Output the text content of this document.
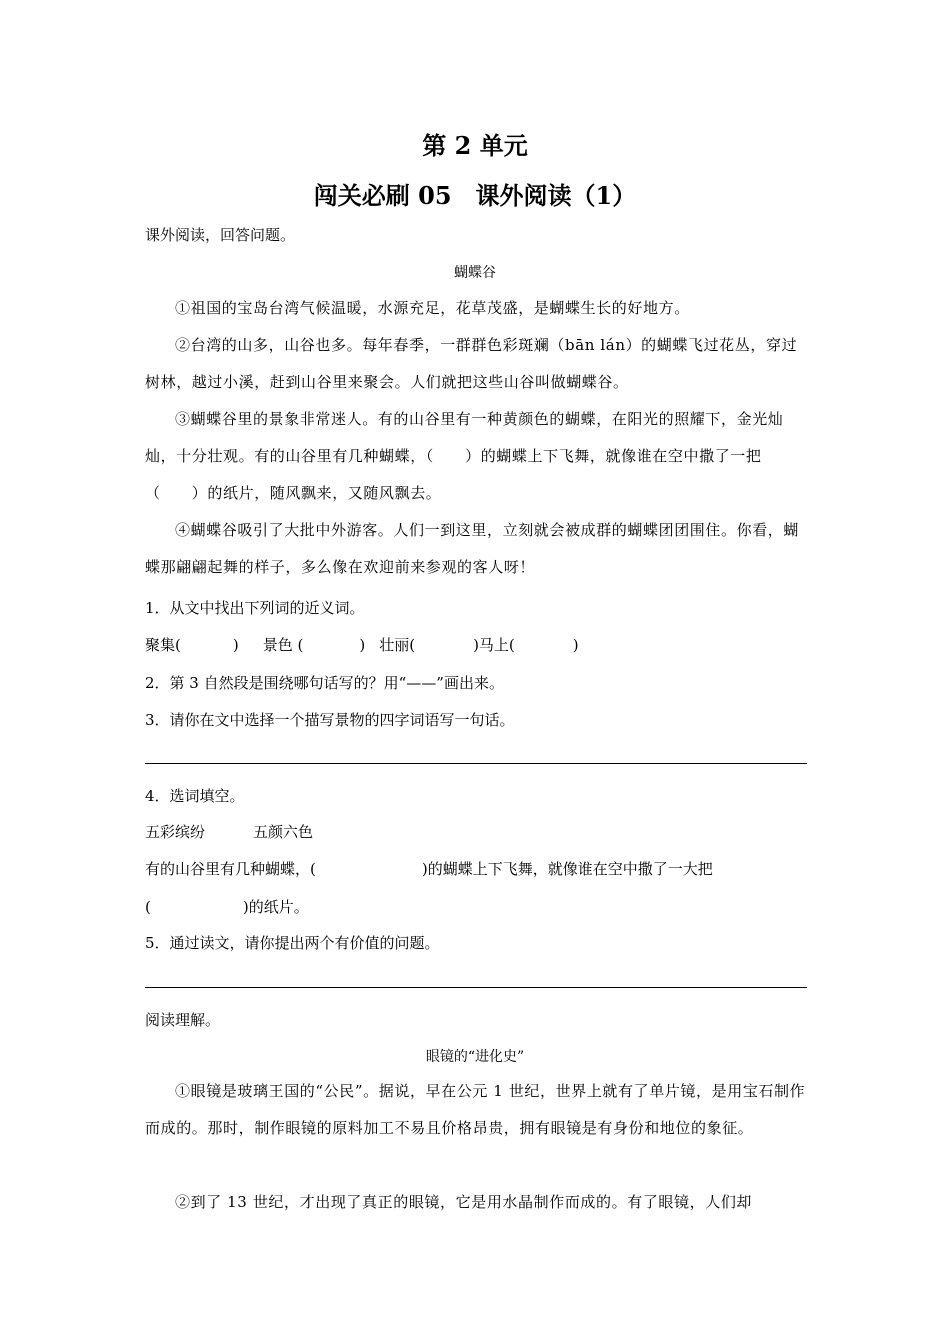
第 2 单元
闯关必刷 05　课外阅读（1）
课外阅读，回答问题。
蝴蝶谷
①祖国的宝岛台湾气候温暖，水源充足，花草茂盛，是蝴蝶生长的好地方。
②台湾的山多，山谷也多。每年春季，一群群色彩斑斓（bān lán）的蝴蝶飞过花丛，穿过树林，越过小溪，赶到山谷里来聚会。人们就把这些山谷叫做蝴蝶谷。
③蝴蝶谷里的景象非常迷人。有的山谷里有一种黄颜色的蝴蝶，在阳光的照耀下，金光灿灿，十分壮观。有的山谷里有几种蝴蝶，（　　）的蝴蝶上下飞舞，就像谁在空中撒了一把（　　）的纸片，随风飘来，又随风飘去。
④蝴蝶谷吸引了大批中外游客。人们一到这里，立刻就会被成群的蝴蝶团团围住。你看，蝴蝶那翩翩起舞的样子，多么像在欢迎前来参观的客人呀！
1．从文中找出下列词的近义词。
聚集(	) 景色 (	) 壮丽(	)马上(	)
2．第 3 自然段是围绕哪句话写的？用“——”画出来。
3．请你在文中选择一个描写景物的四字词语写一句话。
4．选词填空。
五彩缤纷	五颜六色
有的山谷里有几种蝴蝶，(	)的蝴蝶上下飞舞，就像谁在空中撒了一大把
(	)的纸片。
5．通过读文，请你提出两个有价值的问题。
阅读理解。
眼镜的“进化史”
①眼镜是玻璃王国的“公民”。据说，早在公元 1 世纪，世界上就有了单片镜，是用宝石制作而成的。那时，制作眼镜的原料加工不易且价格昂贵，拥有眼镜是有身份和地位的象征。
②到了 13 世纪，才出现了真正的眼镜，它是用水晶制作而成的。有了眼镜，人们却
